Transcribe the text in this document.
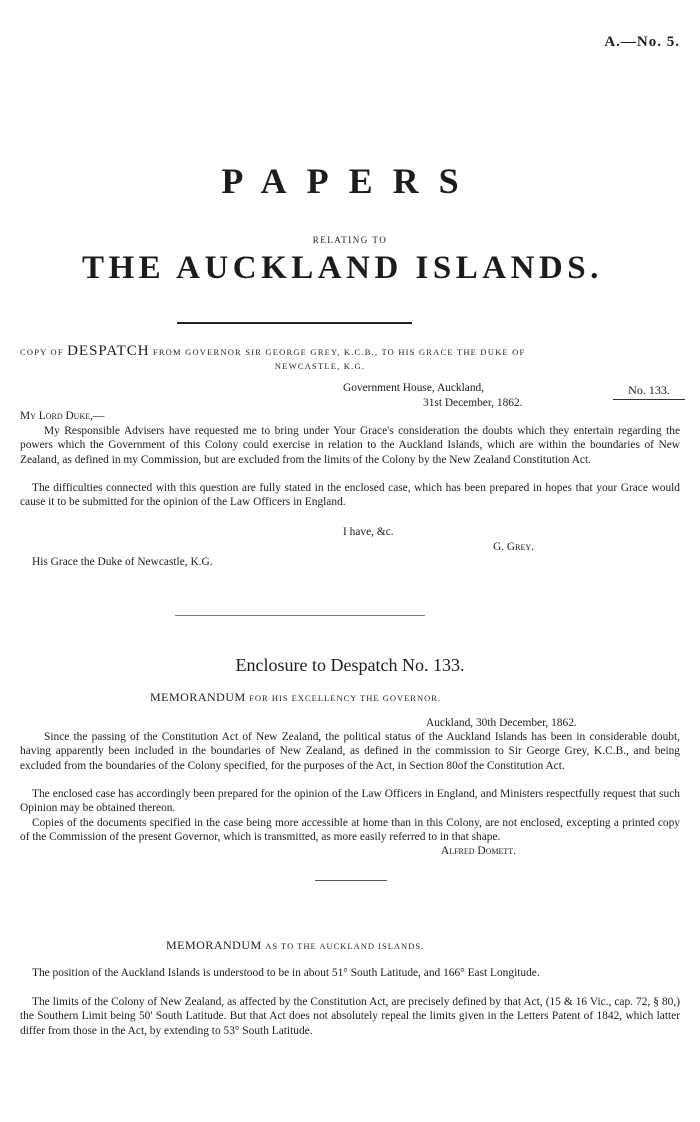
A.—No. 5.
PAPERS
RELATING TO
THE AUCKLAND ISLANDS.
COPY OF DESPATCH FROM GOVERNOR SIR GEORGE GREY, K.C.B., TO HIS GRACE THE DUKE OF
NEWCASTLE, K.G.
No. 133.
Government House, Auckland,
31st December, 1862.
My Lord Duke,—
My Responsible Advisers have requested me to bring under Your Grace's consideration the doubts which they entertain regarding the powers which the Government of this Colony could exercise in relation to the Auckland Islands, which are within the boundaries of New Zealand, as defined in my Commission, but are excluded from the limits of the Colony by the New Zealand Constitution Act.
The difficulties connected with this question are fully stated in the enclosed case, which has been prepared in hopes that your Grace would cause it to be submitted for the opinion of the Law Officers in England.
I have, &c.
G. Grey.
His Grace the Duke of Newcastle, K.G.
Enclosure to Despatch No. 133.
MEMORANDUM FOR HIS EXCELLENCY THE GOVERNOR.
Auckland, 30th December, 1862.
Since the passing of the Constitution Act of New Zealand, the political status of the Auckland Islands has been in considerable doubt, having apparently been included in the boundaries of New Zealand, as defined in the commission to Sir George Grey, K.C.B., and being excluded from the boundaries of the Colony specified, for the purposes of the Act, in Section 80of the Constitution Act.
The enclosed case has accordingly been prepared for the opinion of the Law Officers in England, and Ministers respectfully request that such Opinion may be obtained thereon.
Copies of the documents specified in the case being more accessible at home than in this Colony, are not enclosed, excepting a printed copy of the Commission of the present Governor, which is transmitted, as more easily referred to in that shape.
Alfred Domett.
MEMORANDUM AS TO THE AUCKLAND ISLANDS.
The position of the Auckland Islands is understood to be in about 51° South Latitude, and 166° East Longitude.
The limits of the Colony of New Zealand, as affected by the Constitution Act, are precisely defined by that Act, (15 & 16 Vic., cap. 72, § 80,) the Southern Limit being 50' South Latitude. But that Act does not absolutely repeal the limits given in the Letters Patent of 1842, which latter differ from those in the Act, by extending to 53° South Latitude.
